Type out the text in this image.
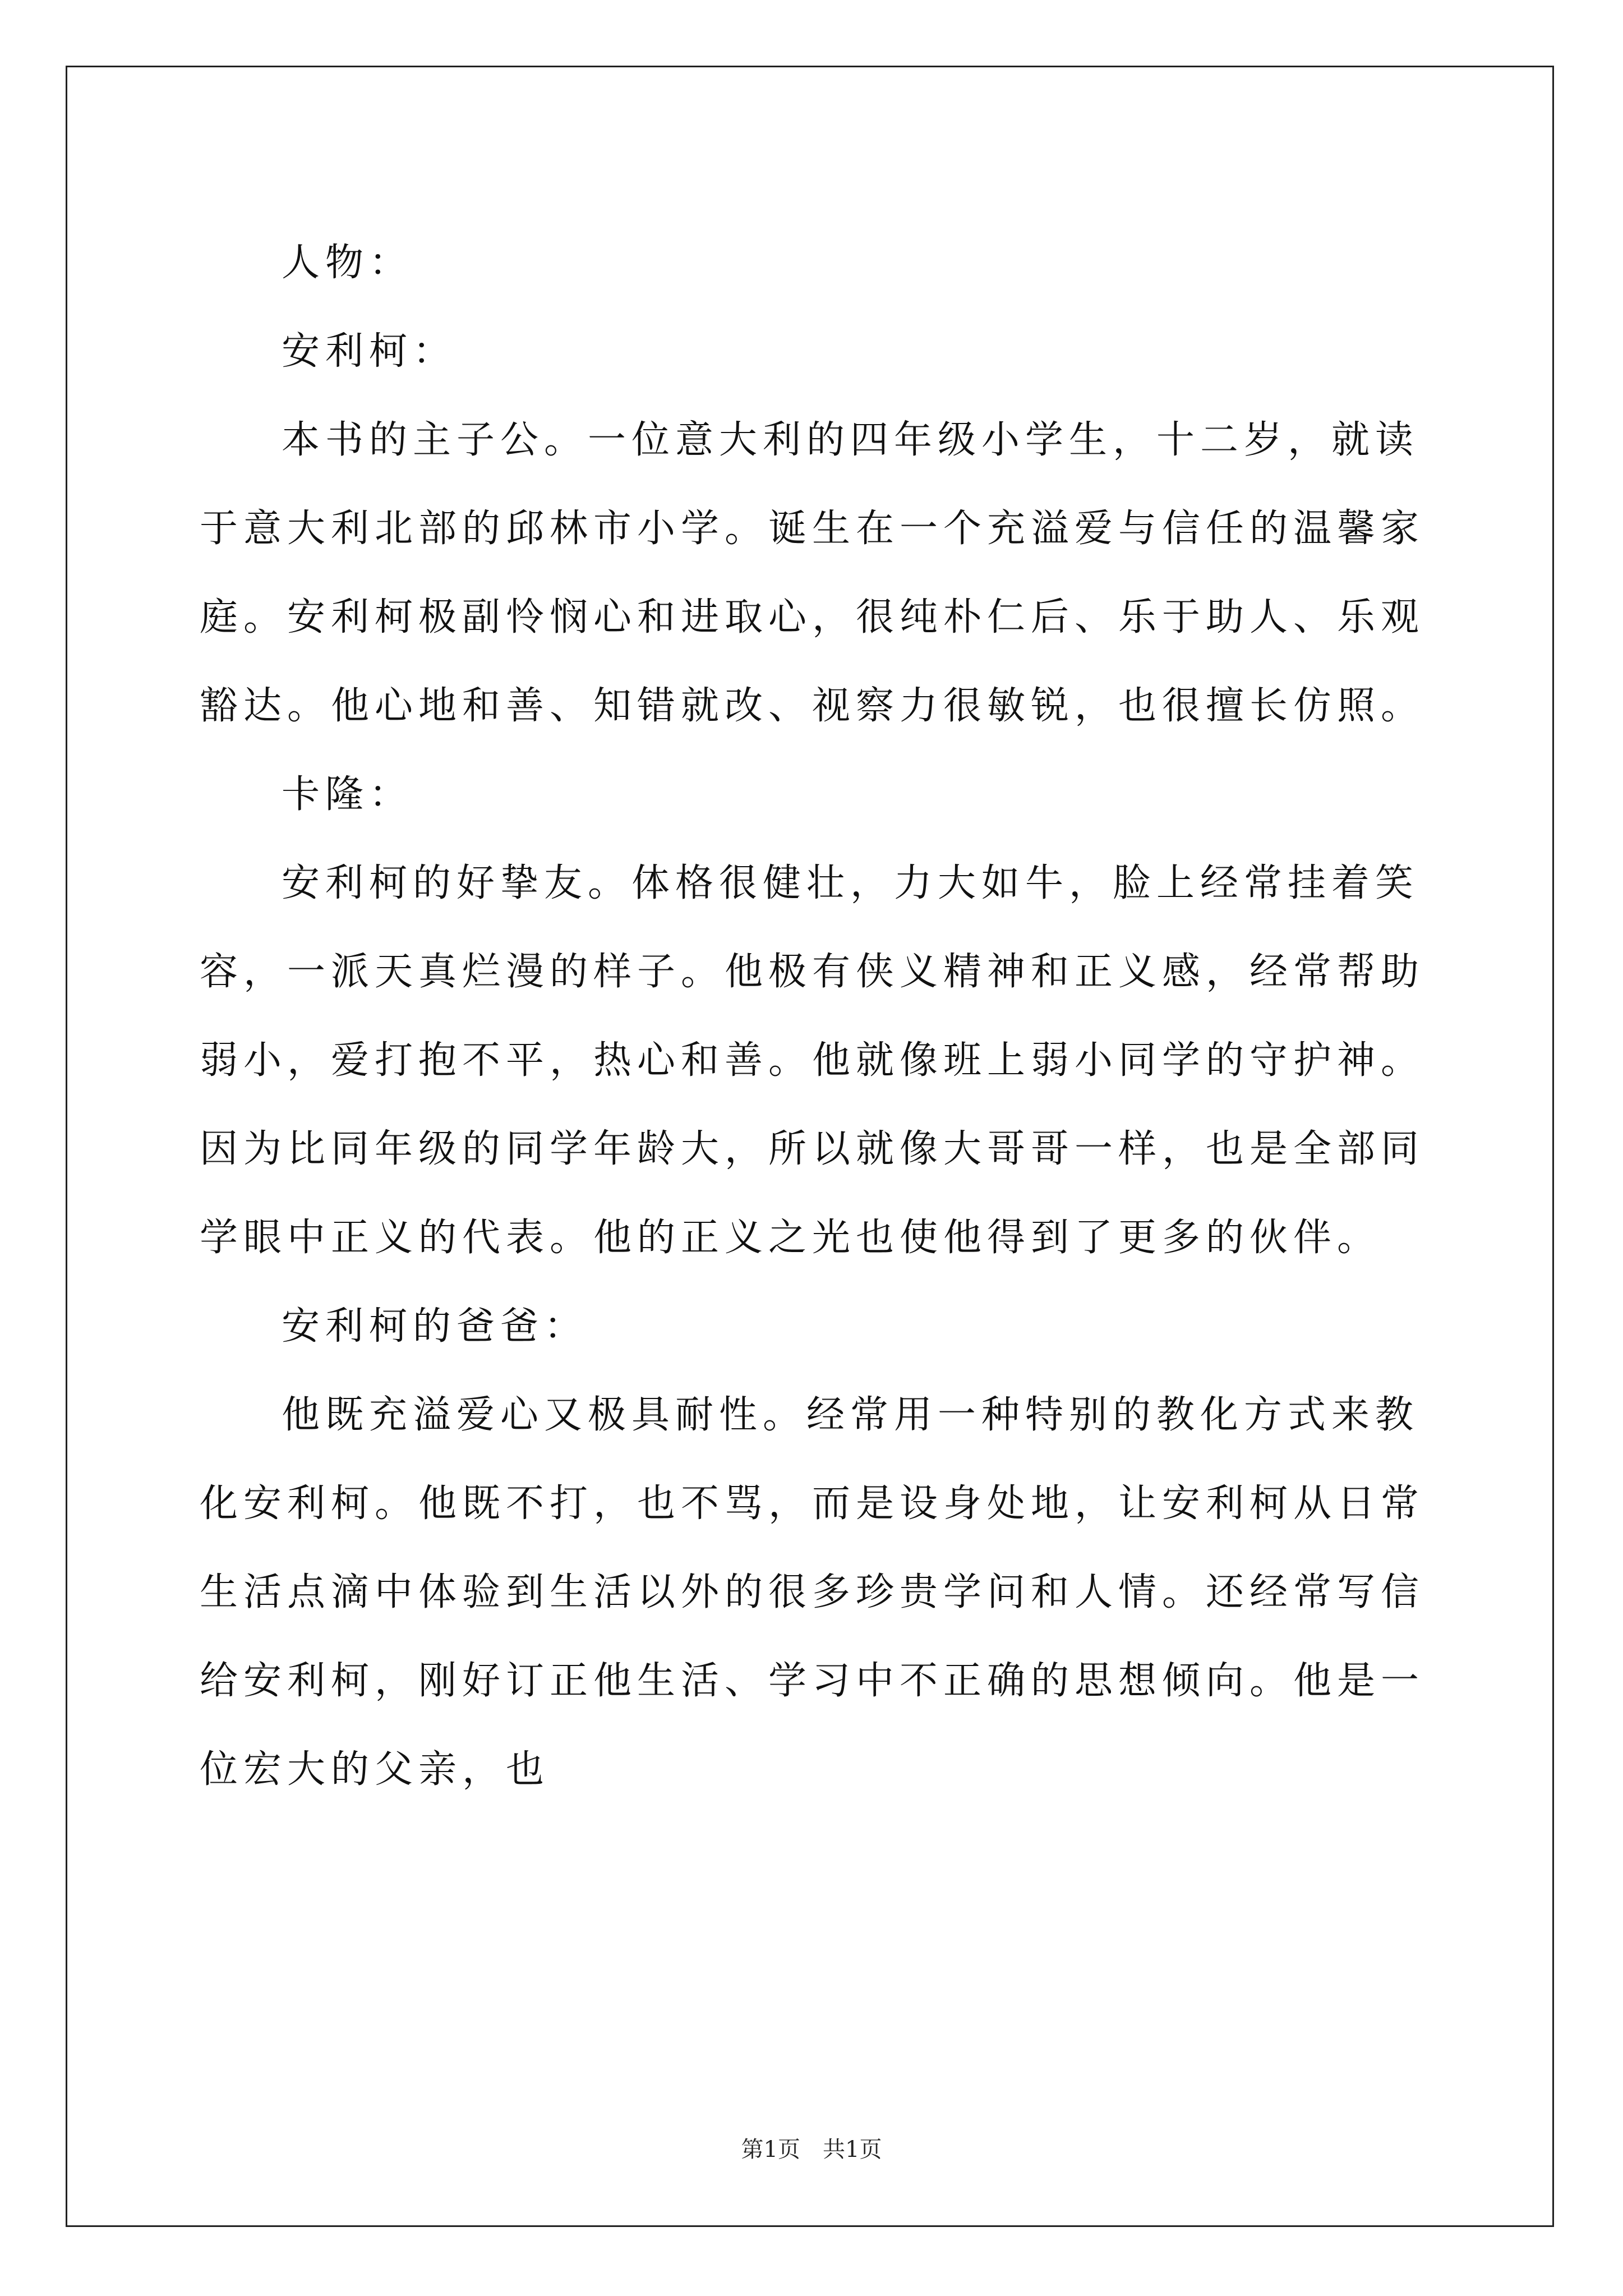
人物：

安利柯：

本书的主子公。一位意大利的四年级小学生，十二岁，就读于意大利北部的邱林市小学。诞生在一个充溢爱与信任的温馨家庭。安利柯极副怜悯心和进取心，很纯朴仁后、乐于助人、乐观豁达。他心地和善、知错就改、视察力很敏锐，也很擅长仿照。

卡隆：

安利柯的好挚友。体格很健壮，力大如牛，脸上经常挂着笑容，一派天真烂漫的样子。他极有侠义精神和正义感，经常帮助弱小，爱打抱不平，热心和善。他就像班上弱小同学的守护神。因为比同年级的同学年龄大，所以就像大哥哥一样，也是全部同学眼中正义的代表。他的正义之光也使他得到了更多的伙伴。

安利柯的爸爸：

他既充溢爱心又极具耐性。经常用一种特别的教化方式来教化安利柯。他既不打，也不骂，而是设身处地，让安利柯从日常生活点滴中体验到生活以外的很多珍贵学问和人情。还经常写信给安利柯，刚好订正他生活、学习中不正确的思想倾向。他是一位宏大的父亲，也

第1页　共1页
